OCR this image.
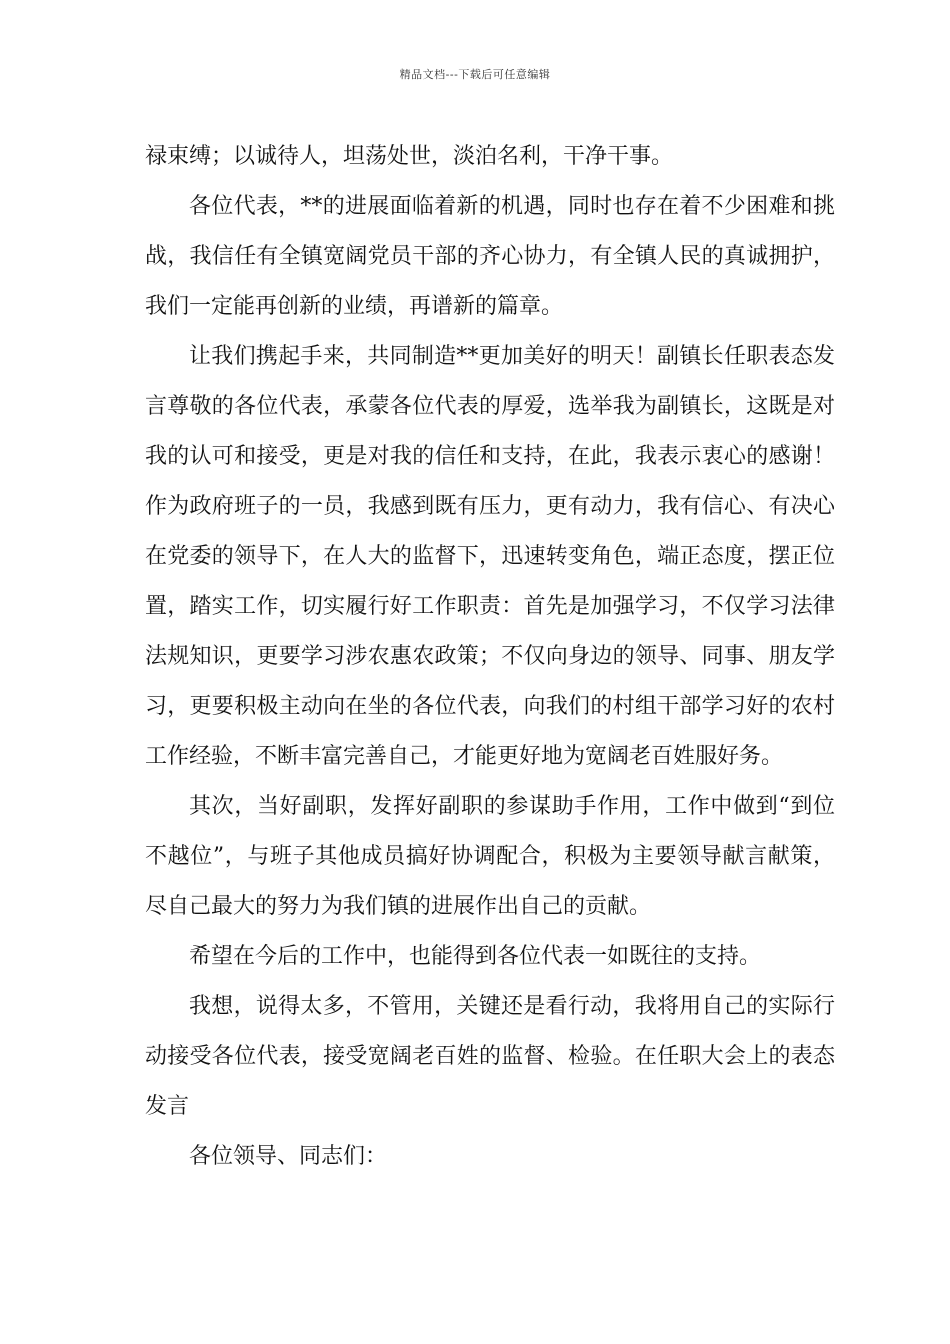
精品文档---下载后可任意编辑

禄束缚；以诚待人，坦荡处世，淡泊名利，干净干事。

各位代表，**的进展面临着新的机遇，同时也存在着不少困难和挑战，我信任有全镇宽阔党员干部的齐心协力，有全镇人民的真诚拥护，我们一定能再创新的业绩，再谱新的篇章。

让我们携起手来，共同制造**更加美好的明天！副镇长任职表态发言尊敬的各位代表，承蒙各位代表的厚爱，选举我为副镇长，这既是对我的认可和接受，更是对我的信任和支持，在此，我表示衷心的感谢！作为政府班子的一员，我感到既有压力，更有动力，我有信心、有决心在党委的领导下，在人大的监督下，迅速转变角色，端正态度，摆正位置，踏实工作，切实履行好工作职责：首先是加强学习，不仅学习法律法规知识，更要学习涉农惠农政策；不仅向身边的领导、同事、朋友学习，更要积极主动向在坐的各位代表，向我们的村组干部学习好的农村工作经验，不断丰富完善自己，才能更好地为宽阔老百姓服好务。

其次，当好副职，发挥好副职的参谋助手作用，工作中做到“到位不越位”，与班子其他成员搞好协调配合，积极为主要领导献言献策，尽自己最大的努力为我们镇的进展作出自己的贡献。

希望在今后的工作中，也能得到各位代表一如既往的支持。

我想，说得太多，不管用，关键还是看行动，我将用自己的实际行动接受各位代表，接受宽阔老百姓的监督、检验。在任职大会上的表态发言

各位领导、同志们：
